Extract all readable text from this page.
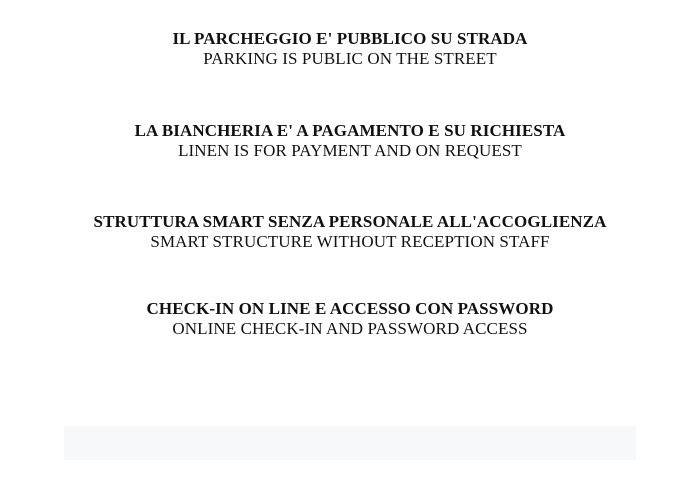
IL PARCHEGGIO E' PUBBLICO SU STRADA
PARKING IS PUBLIC ON THE STREET
LA BIANCHERIA E' A PAGAMENTO E SU RICHIESTA
LINEN IS FOR PAYMENT AND ON REQUEST
STRUTTURA SMART SENZA PERSONALE ALL'ACCOGLIENZA
SMART STRUCTURE WITHOUT RECEPTION STAFF
CHECK-IN ON LINE E ACCESSO CON PASSWORD
ONLINE CHECK-IN AND PASSWORD ACCESS
